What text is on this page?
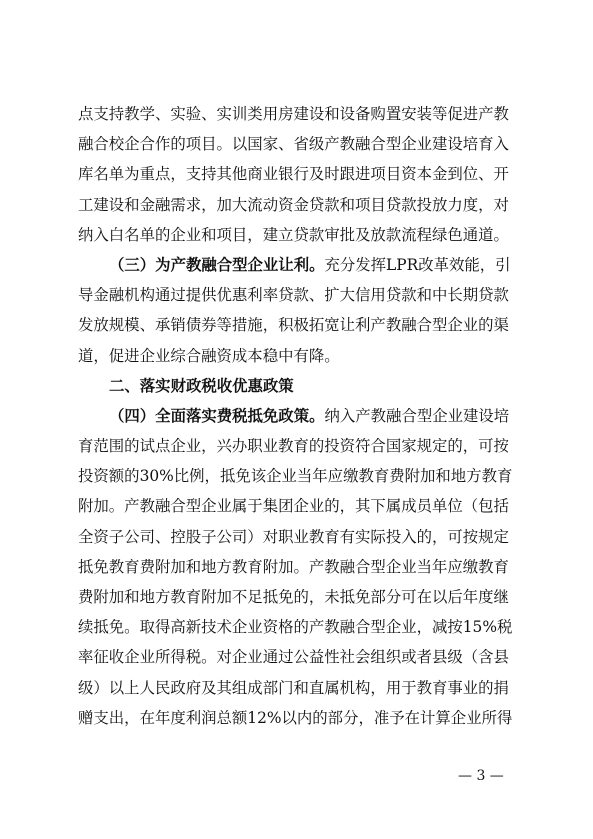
点支持教学、实验、实训类用房建设和设备购置安装等促进产教
融合校企合作的项目。以国家、省级产教融合型企业建设培育入
库名单为重点，支持其他商业银行及时跟进项目资本金到位、开
工建设和金融需求，加大流动资金贷款和项目贷款投放力度，对
纳入白名单的企业和项目，建立贷款审批及放款流程绿色通道。
（三）为产教融合型企业让利。充分发挥LPR改革效能，引
导金融机构通过提供优惠利率贷款、扩大信用贷款和中长期贷款
发放规模、承销债券等措施，积极拓宽让利产教融合型企业的渠
道，促进企业综合融资成本稳中有降。
二、落实财政税收优惠政策
（四）全面落实费税抵免政策。纳入产教融合型企业建设培
育范围的试点企业，兴办职业教育的投资符合国家规定的，可按
投资额的30%比例，抵免该企业当年应缴教育费附加和地方教育
附加。产教融合型企业属于集团企业的，其下属成员单位（包括
全资子公司、控股子公司）对职业教育有实际投入的，可按规定
抵免教育费附加和地方教育附加。产教融合型企业当年应缴教育
费附加和地方教育附加不足抵免的，未抵免部分可在以后年度继
续抵免。取得高新技术企业资格的产教融合型企业，减按15%税
率征收企业所得税。对企业通过公益性社会组织或者县级（含县
级）以上人民政府及其组成部门和直属机构，用于教育事业的捐
赠支出，在年度利润总额12%以内的部分，准予在计算企业所得
— 3 —
